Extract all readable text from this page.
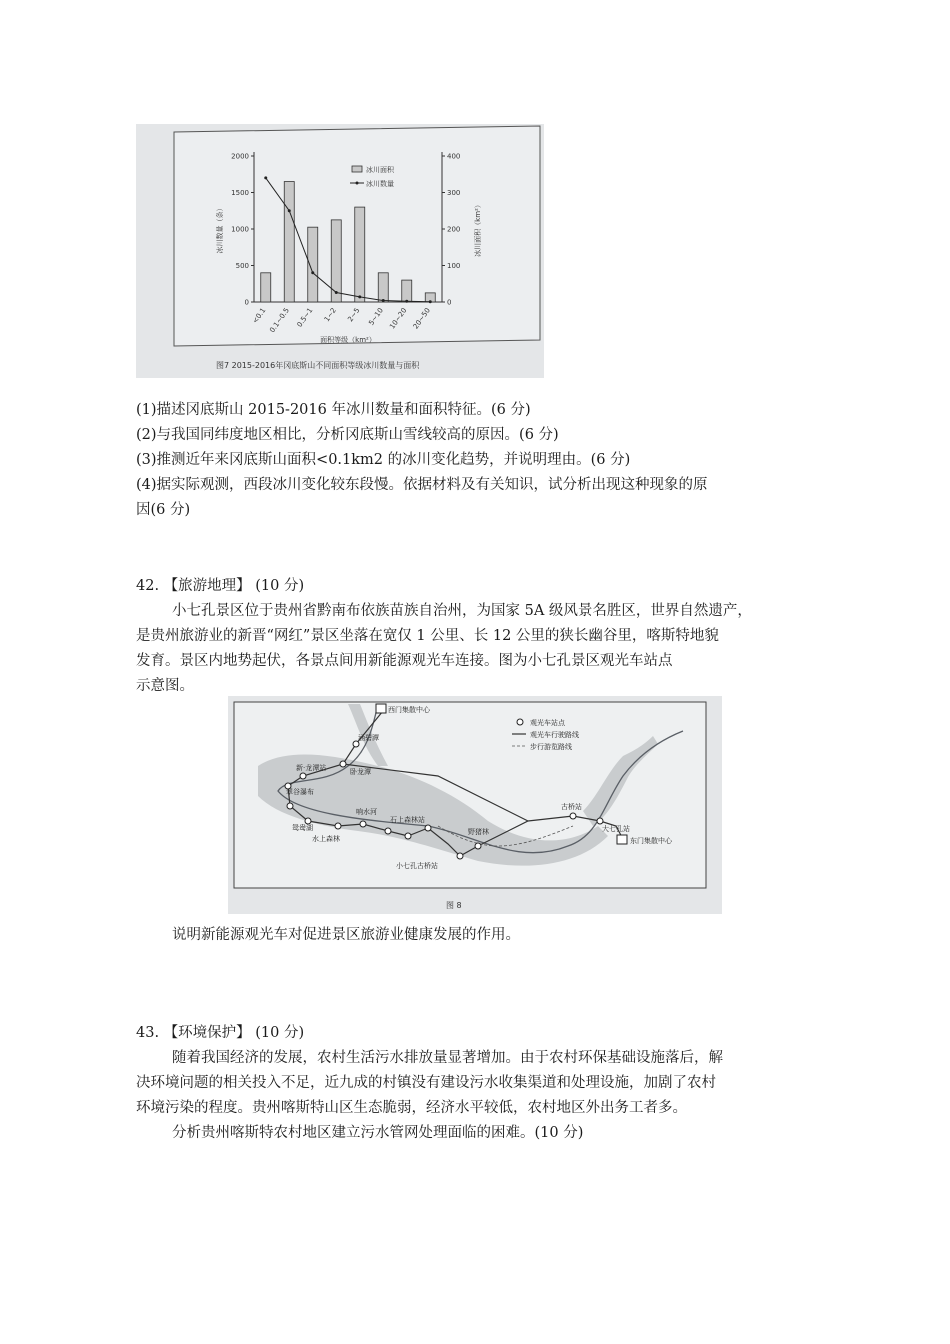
0
500
1000
1500
2000
0
100
200
300
400
冰川数量（条）	冰川面积（km²）
面积等级（km²）
<0.1 0.1~0.5 0.5~1 1~2 2~5 5~10 10~20 20~50
冰川面积
冰川数量
图7 2015-2016年冈底斯山不同面积等级冰川数量与面积
(1)描述冈底斯山 2015-2016 年冰川数量和面积特征。(6 分)
(2)与我国同纬度地区相比，分析冈底斯山雪线较高的原因。(6 分)
(3)推测近年来冈底斯山面积<0.1km2 的冰川变化趋势，并说明理由。(6 分)
(4)据实际观测，西段冰川变化较东段慢。依据材料及有关知识，试分析出现这种现象的原
因(6 分)
42. 【旅游地理】 (10 分)
小七孔景区位于贵州省黔南布依族苗族自治州，为国家 5A 级风景名胜区，世界自然遗产，
是贵州旅游业的新晋“网红”景区坐落在宽仅 1 公里、长 12 公里的狭长幽谷里，喀斯特地貌
发育。景区内地势起伏，各景点间用新能源观光车连接。图为小七孔景区观光车站点
示意图。
西门集散中心
翠谷瀑布
新·龙潭站
涵碧潭
卧龙潭
鸳鸯湖
响水河
石上森林站
水上森林
小七孔古桥站
野猪林
古桥站
东门集散中心
大七孔站
观光车站点
观光车行驶路线
步行游览路线
图 8
说明新能源观光车对促进景区旅游业健康发展的作用。
43. 【环境保护】 (10 分)
随着我国经济的发展，农村生活污水排放量显著增加。由于农村环保基础设施落后，解
决环境问题的相关投入不足，近九成的村镇没有建设污水收集渠道和处理设施，加剧了农村
环境污染的程度。贵州喀斯特山区生态脆弱，经济水平较低，农村地区外出务工者多。
分析贵州喀斯特农村地区建立污水管网处理面临的困难。(10 分)
